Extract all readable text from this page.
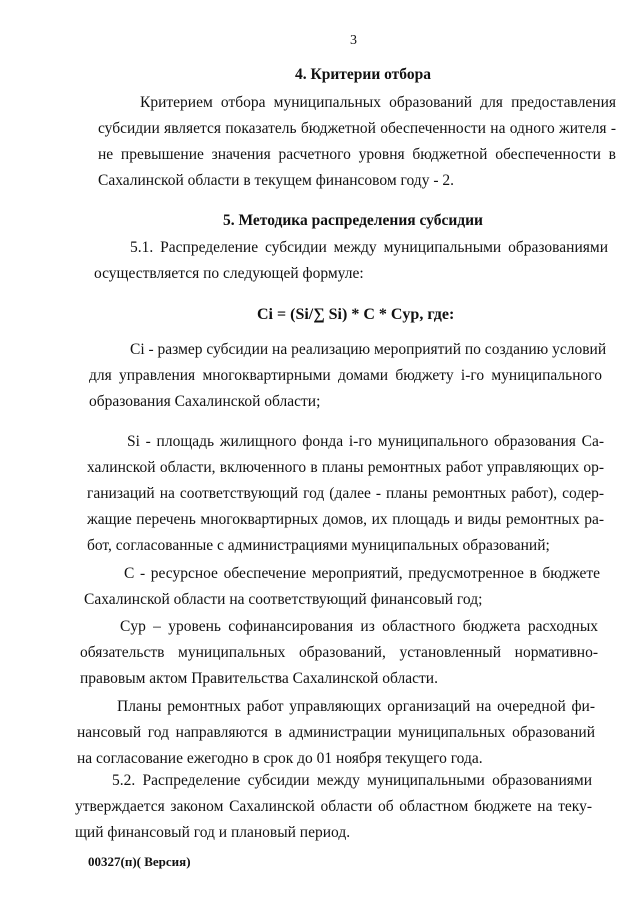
3
4. Критерии отбора
Критерием отбора муниципальных образований для предоставления
субсидии является показатель бюджетной обеспеченности на одного жителя -
не превышение значения расчетного уровня бюджетной обеспеченности в
Сахалинской области в текущем финансовом году - 2.
5. Методика распределения субсидии
5.1. Распределение субсидии между муниципальными образованиями
осуществляется по следующей формуле:
Ci = (Si/∑ Si) * C * Cур, где:
Ci - размер субсидии на реализацию мероприятий по созданию условий
для управления многоквартирными домами бюджету i-го муниципального
образования Сахалинской области;
Si - площадь жилищного фонда i-го муниципального образования Са-
халинской области, включенного в планы ремонтных работ управляющих ор-
ганизаций на соответствующий год (далее - планы ремонтных работ), содер-
жащие перечень многоквартирных домов, их площадь и виды ремонтных ра-
бот, согласованные с администрациями муниципальных образований;
С - ресурсное обеспечение мероприятий, предусмотренное в бюджете
Сахалинской области на соответствующий финансовый год;
Cур – уровень софинансирования из областного бюджета расходных
обязательств муниципальных образований, установленный нормативно-
правовым актом Правительства Сахалинской области.
Планы ремонтных работ управляющих организаций на очередной фи-
нансовый год направляются в администрации муниципальных образований
на согласование ежегодно в срок до 01 ноября текущего года.
5.2. Распределение субсидии между муниципальными образованиями
утверждается законом Сахалинской области об областном бюджете на теку-
щий финансовый год и плановый период.
00327(п)( Версия)
